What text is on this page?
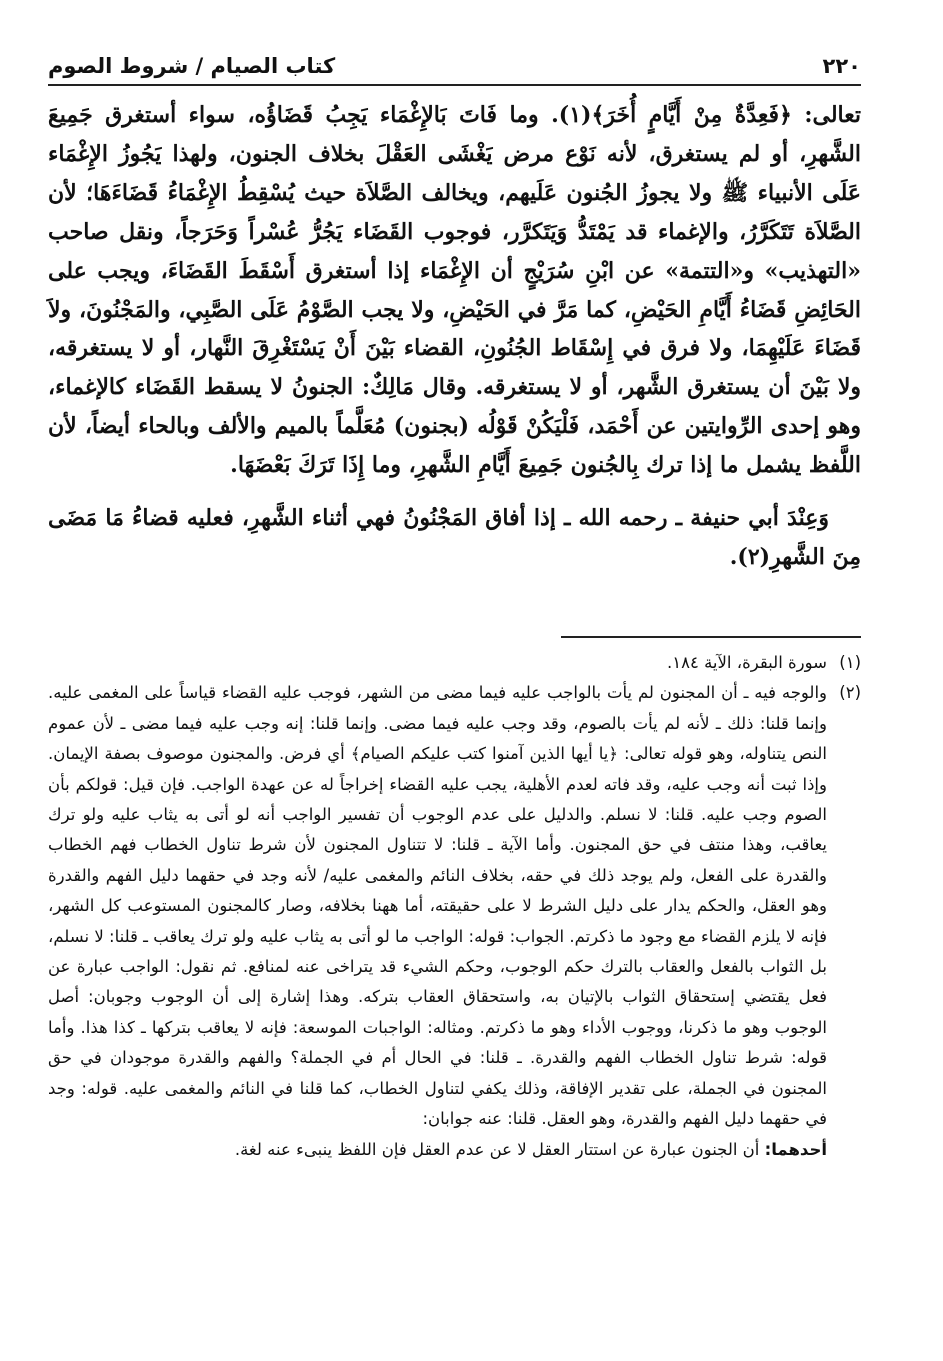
٢٢٠
كتاب الصيام / شروط الصوم

تعالى: ﴿فَعِدَّةٌ مِنْ أَيَّامٍ أُخَرَ﴾(١). وما فَاتَ بَالإِغْمَاء يَجِبُ قَضَاؤُه، سواء أستغرق جَمِيعَ الشَّهرِ، أو لم يستغرق، لأنه نَوْع مرض يَغْشَى العَقْلَ بخلاف الجنون، ولهذا يَجُوزُ الإِغْمَاء عَلَى الأنبياء ﷺ ولا يجوزُ الجُنون عَلَيهم، ويخالف الصَّلاَة حيث يُسْقِطُ الإِغْمَاءُ قَضَاءَهَا؛ لأن الصَّلاَة تَتَكَرَّرُ، والإغماء قد يَمْتَدُّ وَيَتَكرَّر، فوجوب القَضَاء يَجُرُّ عُسْراً وَحَرَجاً، ونقل صاحب «التهذيب» و«التتمة» عن ابْنِ سُرَيْجٍ أن الإِغْمَاء إذا أستغرق أَسْقَطَ القَضَاءَ، ويجب على الحَائِضِ قَضَاءُ أَيَّامِ الحَيْضِ، كما مَرَّ في الحَيْضِ، ولا يجب الصَّوْمُ عَلَى الصَّبِي، والمَجْنُونَ، ولاَ قَضَاءَ عَلَيْهِمَا، ولا فرق في إِسْقَاط الجُنُونِ، القضاء بَيْنَ أَنْ يَسْتَغْرِقَ النَّهار، أو لا يستغرقه، ولا بَيْنَ أن يستغرق الشَّهر، أو لا يستغرقه. وقال مَالِكٌ: الجنونُ لا يسقط القَضَاء كالإغماء، وهو إحدى الرِّوايتين عن أَحْمَد، فَلْيَكُنْ قَوْلُه (بجنون) مُعَلَّماً بالميم والألف وبالحاء أيضاً، لأن اللَّفظ يشمل ما إذا ترك بِالجُنون جَمِيعَ أَيَّامِ الشَّهرِ، وما إِذَا تَرَكَ بَعْضَهَا.

وَعِنْدَ أبي حنيفة ـ رحمه الله ـ إذا أفاق المَجْنُونُ فهي أثناء الشَّهرِ، فعليه قضاءُ مَا مَضَى مِنَ الشَّهرِ(٢).

(١)

سورة البقرة، الآية ١٨٤.

(٢)

والوجه فيه ـ أن المجنون لم يأت بالواجب عليه فيما مضى من الشهر، فوجب عليه القضاء قياساً على المغمى عليه. وإنما قلنا: ذلك ـ لأنه لم يأت بالصوم، وقد وجب عليه فيما مضى. وإنما قلنا: إنه وجب عليه فيما مضى ـ لأن عموم النص يتناوله، وهو قوله تعالى: ﴿يا أيها الذين آمنوا كتب عليكم الصيام﴾ أي فرض. والمجنون موصوف بصفة الإيمان. وإذا ثبت أنه وجب عليه، وقد فاته لعدم الأهلية، يجب عليه القضاء إخراجاً له عن عهدة الواجب. فإن قيل: قولكم بأن الصوم وجب عليه. قلنا: لا نسلم. والدليل على عدم الوجوب أن تفسير الواجب أنه لو أتى به يثاب عليه ولو ترك يعاقب، وهذا منتف في حق المجنون. وأما الآية ـ قلنا: لا تتناول المجنون لأن شرط تناول الخطاب فهم الخطاب والقدرة على الفعل، ولم يوجد ذلك في حقه، بخلاف النائم والمغمى عليه/ لأنه وجد في حقهما دليل الفهم والقدرة وهو العقل، والحكم يدار على دليل الشرط لا على حقيقته، أما ههنا بخلافه، وصار كالمجنون المستوعب كل الشهر، فإنه لا يلزم القضاء مع وجود ما ذكرتم. الجواب: قوله: الواجب ما لو أتى به يثاب عليه ولو ترك يعاقب ـ قلنا: لا نسلم، بل الثواب بالفعل والعقاب بالترك حكم الوجوب، وحكم الشيء قد يتراخى عنه لمنافع. ثم نقول: الواجب عبارة عن فعل يقتضي إستحقاق الثواب بالإتيان به، واستحقاق العقاب بتركه. وهذا إشارة إلى أن الوجوب وجوبان: أصل الوجوب وهو ما ذكرنا، ووجوب الأداء وهو ما ذكرتم. ومثاله: الواجبات الموسعة: فإنه لا يعاقب بتركها ـ كذا هذا. وأما قوله: شرط تناول الخطاب الفهم والقدرة. ـ قلنا: في الحال أم في الجملة؟ والفهم والقدرة موجودان في حق المجنون في الجملة، على تقدير الإفاقة، وذلك يكفي لتناول الخطاب، كما قلنا في النائم والمغمى عليه. قوله: وجد في حقهما دليل الفهم والقدرة، وهو العقل. قلنا: عنه جوابان:

أحدهما: أن الجنون عبارة عن استتار العقل لا عن عدم العقل فإن اللفظ ينبىء عنه لغة.
